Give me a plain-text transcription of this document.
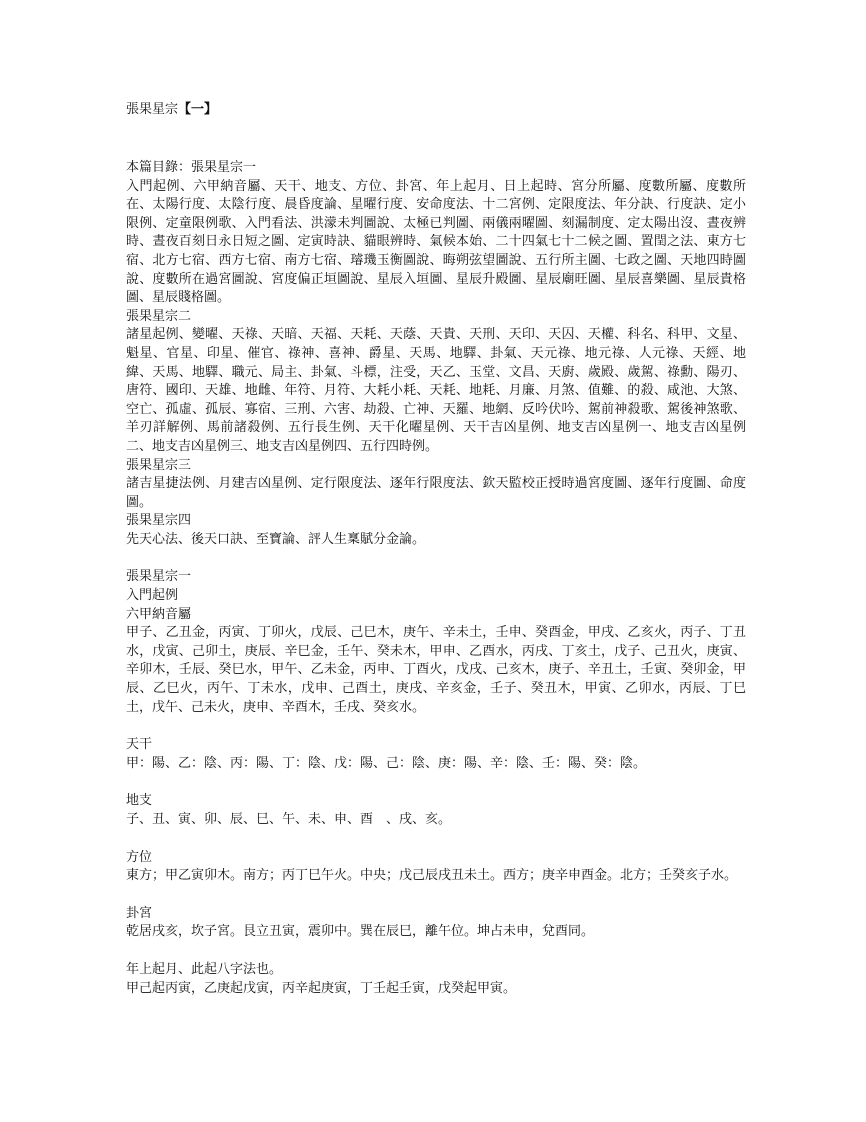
張果星宗【一】

本篇目錄：張果星宗一

入門起例、六甲納音屬、天干、地支、方位、卦宮、年上起月、日上起時、宮分所屬、度數所屬、度數所在、太陽行度、太陰行度、晨昏度論、星曜行度、安命度法、十二宮例、定限度法、年分訣、行度訣、定小限例、定童限例歌、入門看法、洪濛未判圖說、太極已判圖、兩儀兩曜圖、刻漏制度、定太陽出沒、晝夜辨時、晝夜百刻日永日短之圖、定寅時訣、貓眼辨時、氣候本始、二十四氣七十二候之圖、置閏之法、東方七宿、北方七宿、西方七宿、南方七宿、璿璣玉衡圖說、晦朔弦望圖說、五行所主圖、七政之圖、天地四時圖說、度數所在過宮圖說、宮度偏正垣圖說、星辰入垣圖、星辰升殿圖、星辰廟旺圖、星辰喜樂圖、星辰貴格圖、星辰賤格圖。

張果星宗二

諸星起例、變曜、天祿、天暗、天福、天耗、天蔭、天貴、天刑、天印、天囚、天權、科名、科甲、文星、魁星、官星、印星、催官、祿神、喜神、爵星、天馬、地驛、卦氣、天元祿、地元祿、人元祿、天經、地緯、天馬、地驛、職元、局主、卦氣、斗標，注受，天乙、玉堂、文昌、天廚、歲殿、歲駕、祿勳、陽刃、唐符、國印、天雄、地雌、年符、月符、大耗小耗、天耗、地耗、月廉、月煞、值難、的殺、咸池、大煞、空亡、孤虛、孤辰、寡宿、三刑、六害、劫殺、亡神、天羅、地網、反吟伏吟、駕前神殺歌、駕後神煞歌、羊刃詳解例、馬前諸殺例、五行長生例、天干化曜星例、天干吉凶星例、地支吉凶星例一、地支吉凶星例二、地支吉凶星例三、地支吉凶星例四、五行四時例。

張果星宗三

諸吉星捷法例、月建吉凶星例、定行限度法、逐年行限度法、欽天監校正授時過宮度圖、逐年行度圖、命度圖。

張果星宗四

先天心法、後天口訣、至寶論、評人生稟賦分金論。

張果星宗一

入門起例

六甲納音屬

甲子、乙丑金，丙寅、丁卯火，戊辰、己巳木，庚午、辛未土，壬申、癸酉金，甲戌、乙亥火，丙子、丁丑水，戊寅、己卯土，庚辰、辛巳金，壬午、癸未木，甲申、乙酉水，丙戌、丁亥土，戊子、己丑火，庚寅、辛卯木，壬辰、癸巳水，甲午、乙未金，丙申、丁酉火，戊戌、己亥木，庚子、辛丑土，壬寅、癸卯金，甲辰、乙巳火，丙午、丁未水，戊申、己酉土，庚戌、辛亥金，壬子、癸丑木，甲寅、乙卯水，丙辰、丁巳土，戊午、己未火，庚申、辛酉木，壬戌、癸亥水。

天干

甲：陽、乙：陰、丙：陽、丁：陰、戊：陽、己：陰、庚：陽、辛：陰、壬：陽、癸：陰。

地支

子、丑、寅、卯、辰、巳、午、未、申、酉　、戌、亥。

方位

東方；甲乙寅卯木。南方；丙丁巳午火。中央；戊己辰戌丑未土。西方；庚辛申酉金。北方；壬癸亥子水。

卦宮

乾居戌亥，坎子宮。艮立丑寅，震卯中。巽在辰巳，離午位。坤占未申，兌酉同。

年上起月、此起八字法也。

甲己起丙寅，乙庚起戊寅，丙辛起庚寅，丁壬起壬寅，戊癸起甲寅。
